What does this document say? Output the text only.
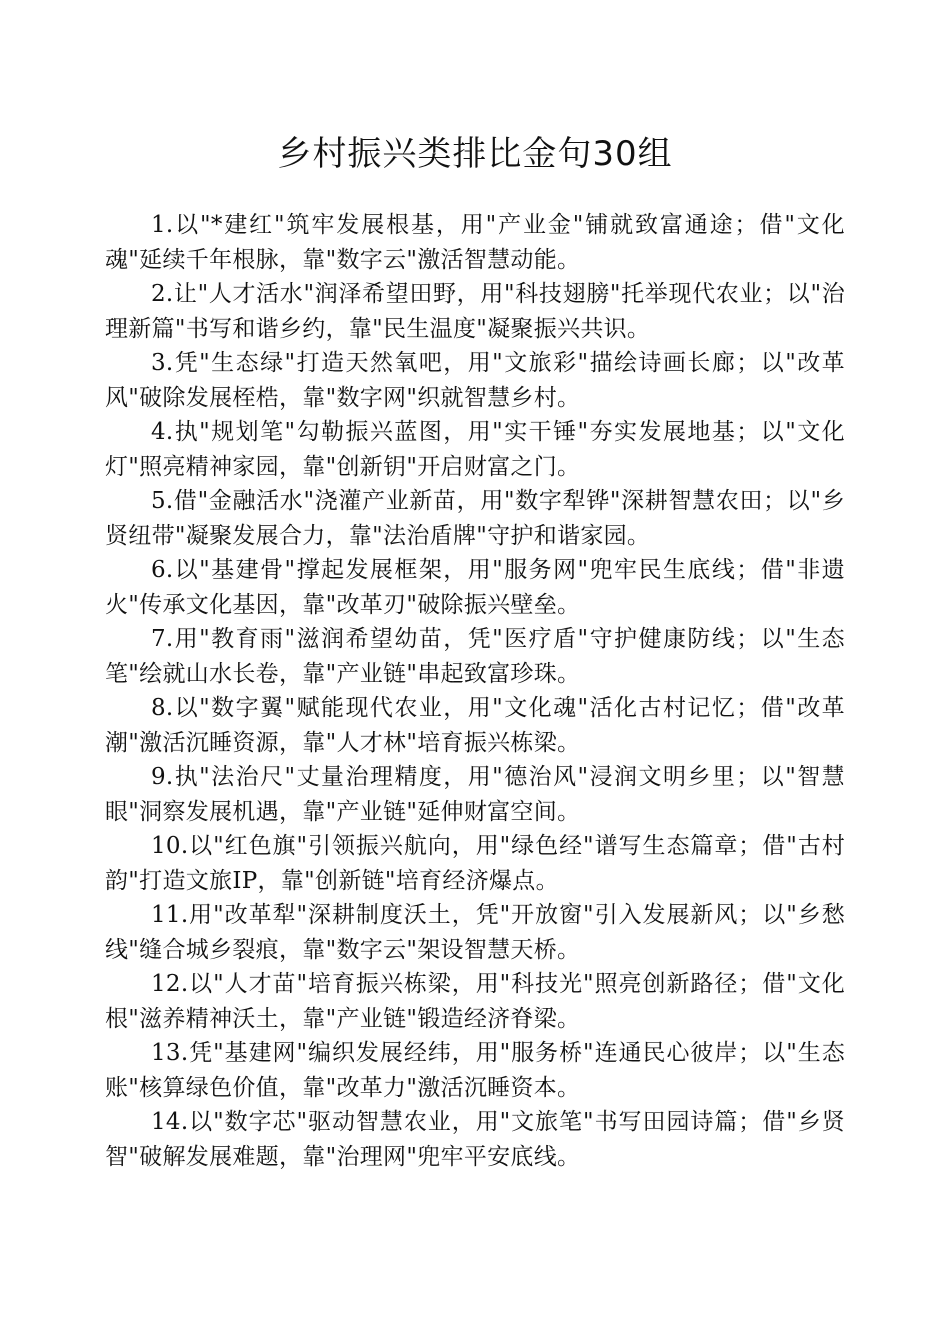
乡村振兴类排比金句30组

1.以"*建红"筑牢发展根基，用"产业金"铺就致富通途；借"文化魂"延续千年根脉，靠"数字云"激活智慧动能。

2.让"人才活水"润泽希望田野，用"科技翅膀"托举现代农业；以"治理新篇"书写和谐乡约，靠"民生温度"凝聚振兴共识。

3.凭"生态绿"打造天然氧吧，用"文旅彩"描绘诗画长廊；以"改革风"破除发展桎梏，靠"数字网"织就智慧乡村。

4.执"规划笔"勾勒振兴蓝图，用"实干锤"夯实发展地基；以"文化灯"照亮精神家园，靠"创新钥"开启财富之门。

5.借"金融活水"浇灌产业新苗，用"数字犁铧"深耕智慧农田；以"乡贤纽带"凝聚发展合力，靠"法治盾牌"守护和谐家园。

6.以"基建骨"撑起发展框架，用"服务网"兜牢民生底线；借"非遗火"传承文化基因，靠"改革刃"破除振兴壁垒。

7.用"教育雨"滋润希望幼苗，凭"医疗盾"守护健康防线；以"生态笔"绘就山水长卷，靠"产业链"串起致富珍珠。

8.以"数字翼"赋能现代农业，用"文化魂"活化古村记忆；借"改革潮"激活沉睡资源，靠"人才林"培育振兴栋梁。

9.执"法治尺"丈量治理精度，用"德治风"浸润文明乡里；以"智慧眼"洞察发展机遇，靠"产业链"延伸财富空间。

10.以"红色旗"引领振兴航向，用"绿色经"谱写生态篇章；借"古村韵"打造文旅IP，靠"创新链"培育经济爆点。

11.用"改革犁"深耕制度沃土，凭"开放窗"引入发展新风；以"乡愁线"缝合城乡裂痕，靠"数字云"架设智慧天桥。

12.以"人才苗"培育振兴栋梁，用"科技光"照亮创新路径；借"文化根"滋养精神沃土，靠"产业链"锻造经济脊梁。

13.凭"基建网"编织发展经纬，用"服务桥"连通民心彼岸；以"生态账"核算绿色价值，靠"改革力"激活沉睡资本。

14.以"数字芯"驱动智慧农业，用"文旅笔"书写田园诗篇；借"乡贤智"破解发展难题，靠"治理网"兜牢平安底线。
